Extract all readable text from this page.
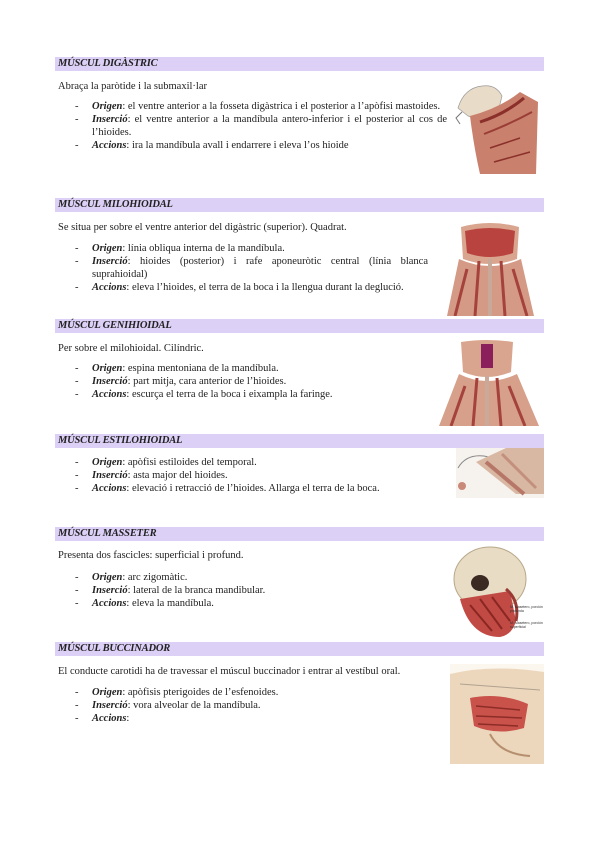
MÚSCUL DIGÀSTRIC
Abraça la paròtide i la submaxil·lar
- Origen: el ventre anterior a la fosseta digàstrica i el posterior a l’apòfisi mastoides.
- Inserció: el ventre anterior a la mandíbula antero-inferior i el posterior al cos de l’hioides.
- Accions: ira la mandíbula avall i endarrere i eleva l’os hioide
MÚSCUL MILOHIOIDAL
Se situa per sobre el ventre anterior del digàstric (superior). Quadrat.
- Origen: línia obliqua interna de la mandíbula.
- Inserció: hioides (posterior) i rafe aponeuròtic central (línia blanca suprahioidal)
- Accions: eleva l’hioides, el terra de la boca i la llengua durant la deglució.
MÚSCUL GENIHIOIDAL
Per sobre el milohioidal. Cilíndric.
- Origen: espina mentoniana de la mandíbula.
- Inserció: part mitja, cara anterior de l’hioides.
- Accions: escurça el terra de la boca i eixampla la faringe.
MÚSCUL ESTILOHIOIDAL
- Origen: apòfisi estiloides del temporal.
- Inserció: asta major del hioides.
- Accions: elevació i retracció de l’hioides. Allarga el terra de la boca.
MÚSCUL MASSETER
Presenta dos fascicles: superficial i profund.
- Origen: arc zigomàtic.
- Inserció: lateral de la branca mandibular.
- Accions: eleva la mandíbula.	M. Masetero, porción profunda
M. Masetero, porción superficial
MÚSCUL BUCCINADOR
El conducte carotidi ha de travessar el múscul buccinador i entrar al vestíbul oral.
- Origen: apòfisis pterigoides de l’esfenoides.
- Inserció: vora alveolar de la mandíbula.
- Accions:
